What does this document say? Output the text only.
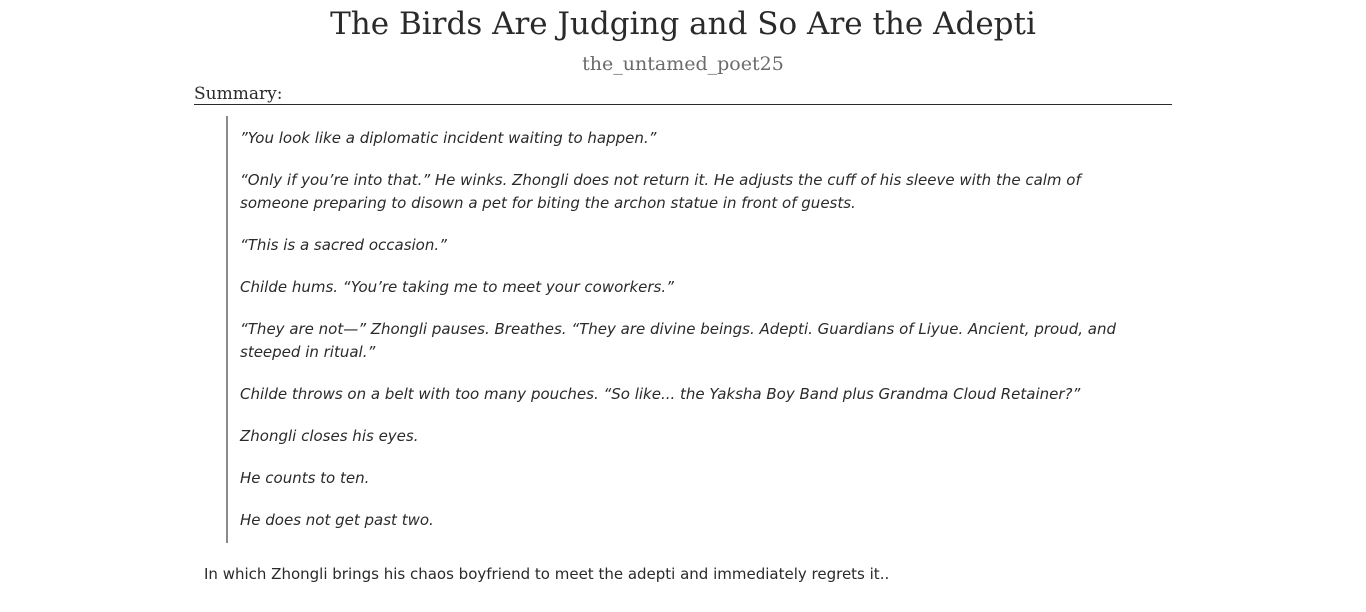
The Birds Are Judging and So Are the Adepti
the_untamed_poet25
Summary:

”You look like a diplomatic incident waiting to happen.”

“Only if you’re into that.” He winks. Zhongli does not return it. He adjusts the cuff of his sleeve with the calm of someone preparing to disown a pet for biting the archon statue in front of guests.

“This is a sacred occasion.”

Childe hums. “You’re taking me to meet your coworkers.”

“They are not—” Zhongli pauses. Breathes. “They are divine beings. Adepti. Guardians of Liyue. Ancient, proud, and steeped in ritual.”

Childe throws on a belt with too many pouches. “So like... the Yaksha Boy Band plus Grandma Cloud Retainer?”

Zhongli closes his eyes.

He counts to ten.

He does not get past two.

In which Zhongli brings his chaos boyfriend to meet the adepti and immediately regrets it..
